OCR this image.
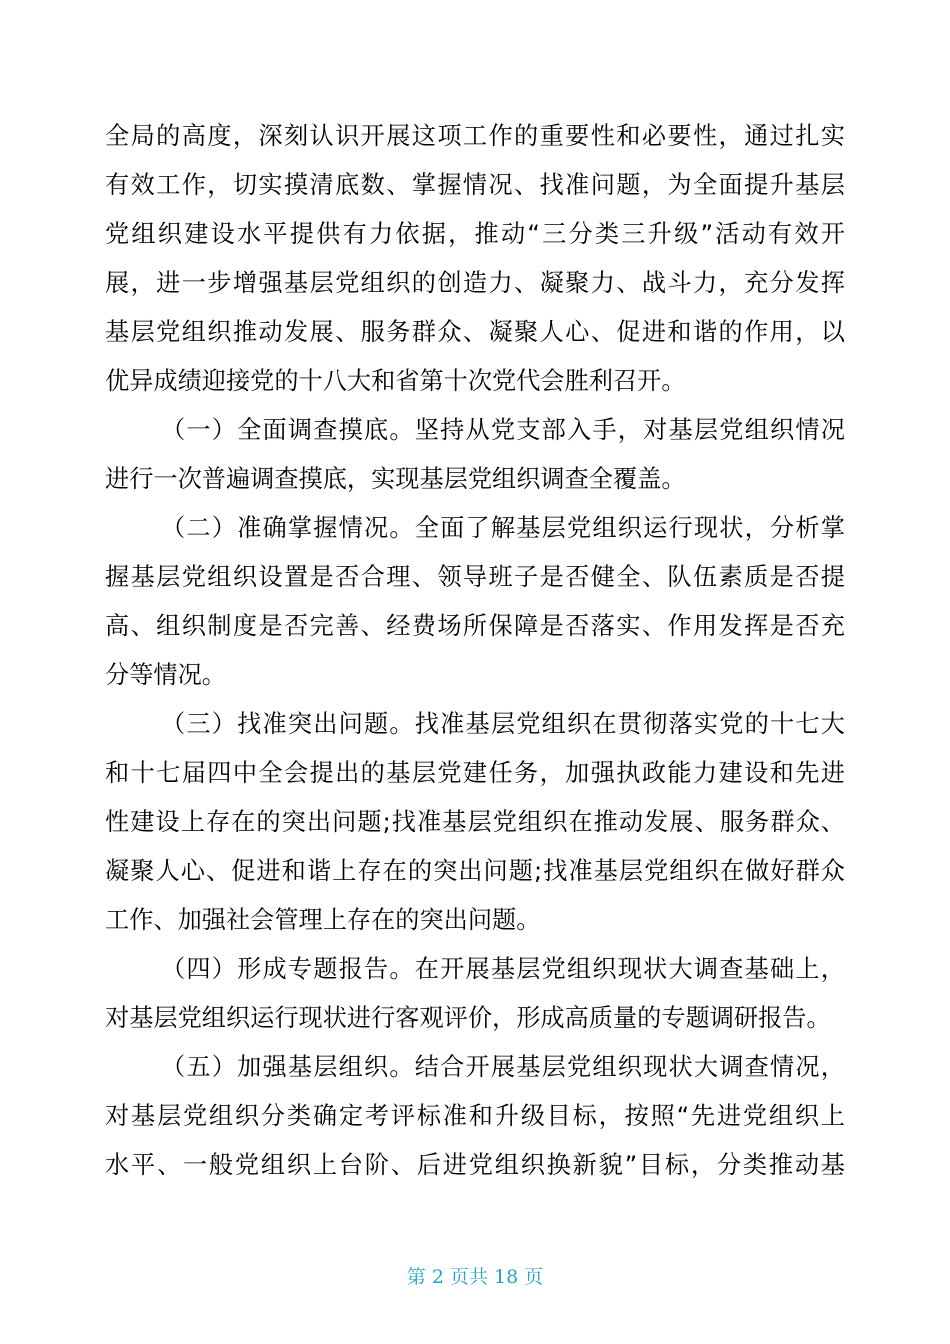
全局的高度，深刻认识开展这项工作的重要性和必要性，通过扎实
有效工作，切实摸清底数、掌握情况、找准问题，为全面提升基层
党组织建设水平提供有力依据，推动“三分类三升级”活动有效开
展，进一步增强基层党组织的创造力、凝聚力、战斗力，充分发挥
基层党组织推动发展、服务群众、凝聚人心、促进和谐的作用，以
优异成绩迎接党的十八大和省第十次党代会胜利召开。
（一）全面调查摸底。坚持从党支部入手，对基层党组织情况
进行一次普遍调查摸底，实现基层党组织调查全覆盖。
（二）准确掌握情况。全面了解基层党组织运行现状，分析掌
握基层党组织设置是否合理、领导班子是否健全、队伍素质是否提
高、组织制度是否完善、经费场所保障是否落实、作用发挥是否充
分等情况。
（三）找准突出问题。找准基层党组织在贯彻落实党的十七大
和十七届四中全会提出的基层党建任务，加强执政能力建设和先进
性建设上存在的突出问题;找准基层党组织在推动发展、服务群众、
凝聚人心、促进和谐上存在的突出问题;找准基层党组织在做好群众
工作、加强社会管理上存在的突出问题。
（四）形成专题报告。在开展基层党组织现状大调查基础上，
对基层党组织运行现状进行客观评价，形成高质量的专题调研报告。
（五）加强基层组织。结合开展基层党组织现状大调查情况，
对基层党组织分类确定考评标准和升级目标，按照“先进党组织上
水平、一般党组织上台阶、后进党组织换新貌”目标，分类推动基
第 2 页共 18 页
